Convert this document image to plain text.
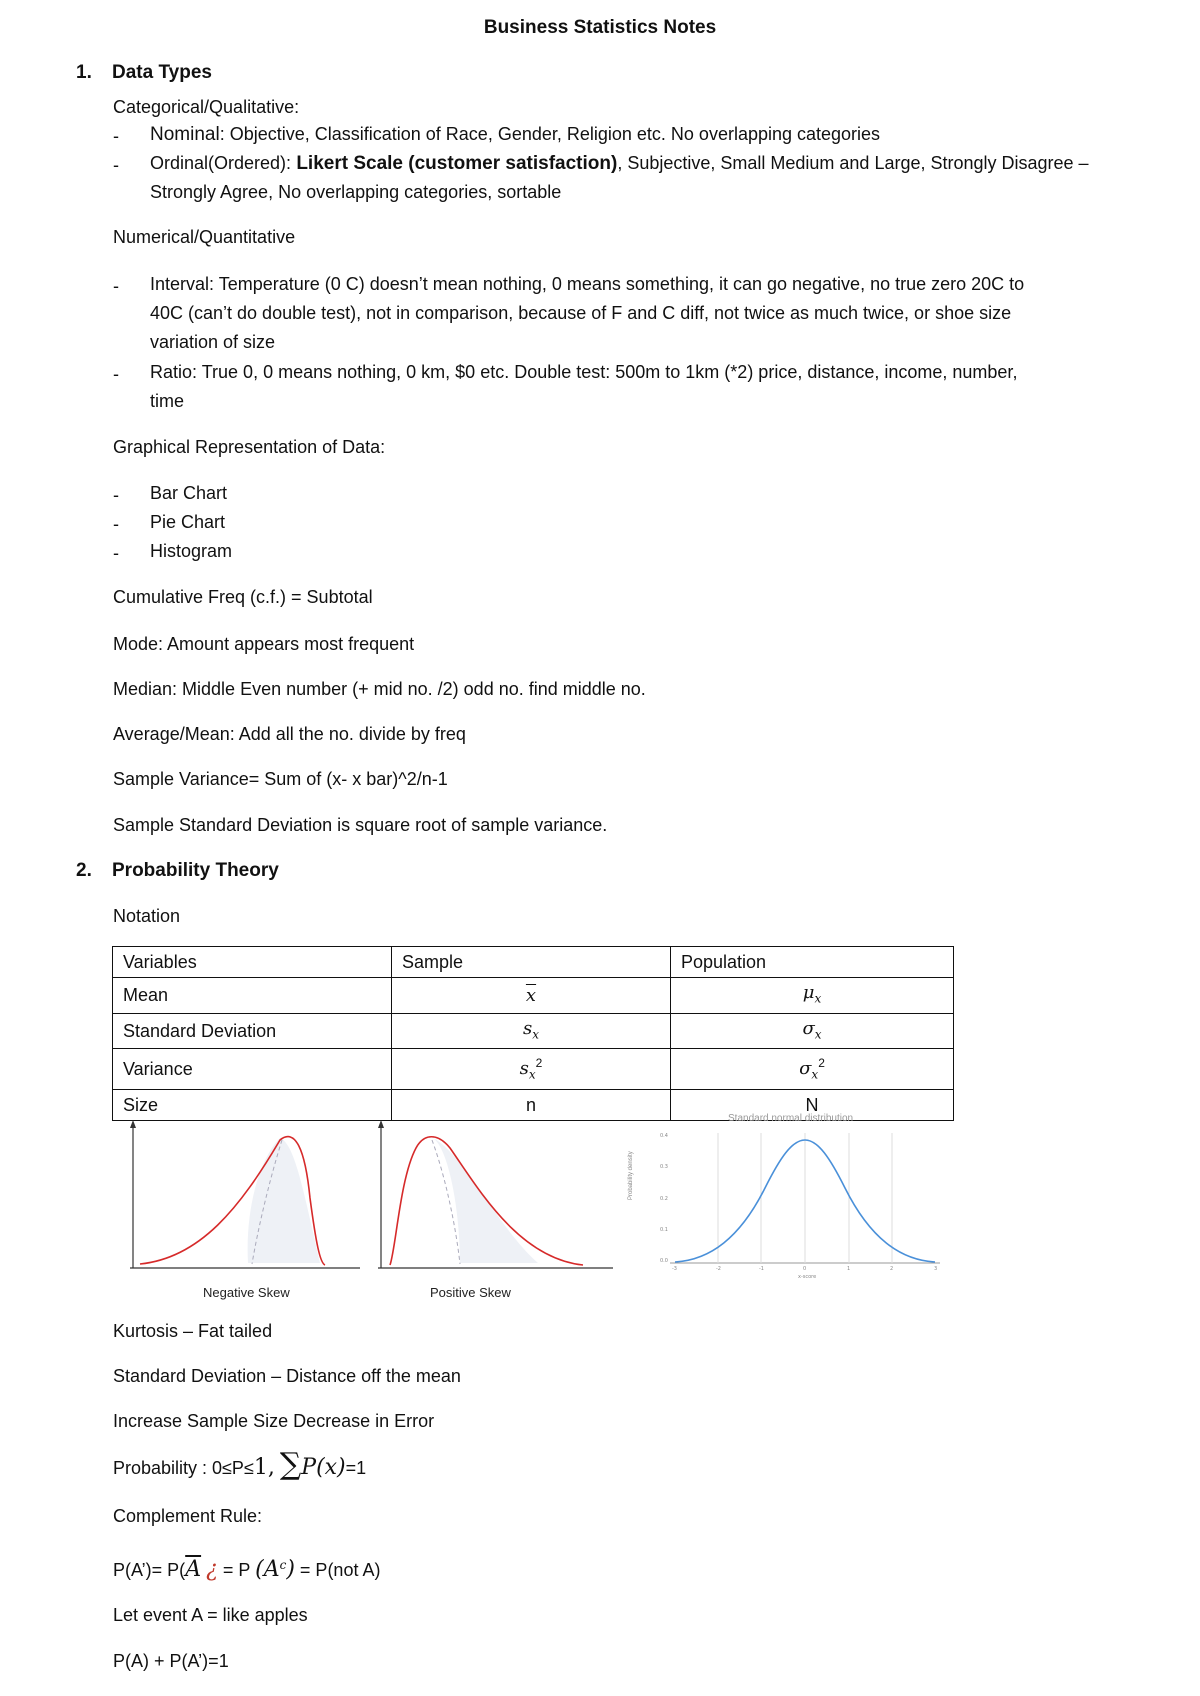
Business Statistics Notes
1. Data Types
Categorical/Qualitative:
- Nominal: Objective, Classification of Race, Gender, Religion etc. No overlapping categories
- Ordinal(Ordered): Likert Scale (customer satisfaction), Subjective, Small Medium and Large, Strongly Disagree –
Strongly Agree, No overlapping categories, sortable
Numerical/Quantitative
- Interval: Temperature (0 C) doesn’t mean nothing, 0 means something, it can go negative, no true zero 20C to
40C (can’t do double test), not in comparison, because of F and C diff, not twice as much twice, or shoe size
variation of size
- Ratio: True 0, 0 means nothing, 0 km, $0 etc. Double test: 500m to 1km (*2) price, distance, income, number,
time
Graphical Representation of Data:
- Bar Chart
- Pie Chart
- Histogram
Cumulative Freq (c.f.) = Subtotal
Mode: Amount appears most frequent
Median: Middle Even number (+ mid no. /2) odd no. find middle no.
Average/Mean: Add all the no. divide by freq
Sample Variance= Sum of (x- x bar)^2/n-1
Sample Standard Deviation is square root of sample variance.
2. Probability Theory
Notation
Variables	Sample	Population
Mean	$\overline{x}$	$\mu_x$
Standard Deviation	$s_x$	$\sigma_x$
Variance	$s_x^2$	$\sigma_x^2$
Size	n	N
Negative Skew	Positive Skew
Standard normal distribution
Probability density
0.4
0.3
0.2
0.1
0.0
-3	-2	-1	0	1	2	3
x-score
Kurtosis – Fat tailed
Standard Deviation – Distance off the mean
Increase Sample Size Decrease in Error
Probability : 0≤P≤1, ∑P(x)=1
Complement Rule:
P(A’)= $P(\overline{A}$ ¿ = P $(A^c) = P(not$ A)
Let event A = like apples
P(A) + P(A’)=1
